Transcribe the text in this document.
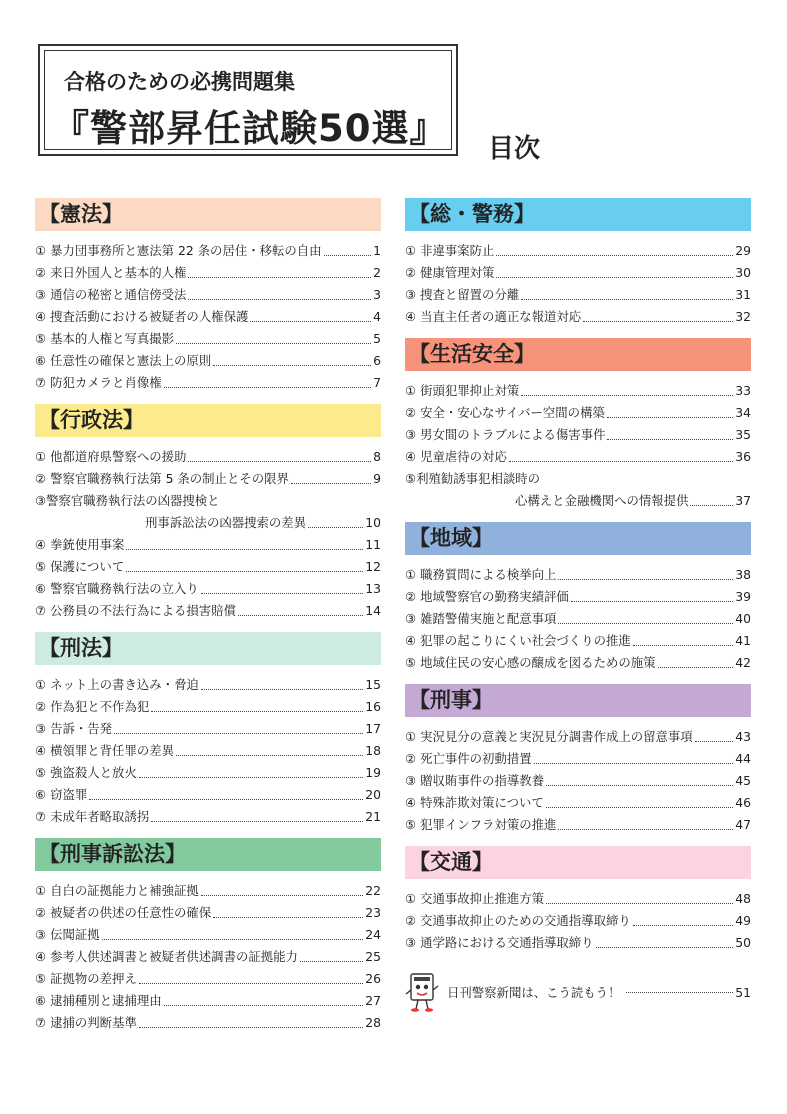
合格のための必携問題集
『警部昇任試験50選』 目次
【憲法】
① 暴力団事務所と憲法第 22 条の居住・移転の自由	1
② 来日外国人と基本的人権	2
③ 通信の秘密と通信傍受法	3
④ 捜査活動における被疑者の人権保護	4
⑤ 基本的人権と写真撮影	5
⑥ 任意性の確保と憲法上の原則	6
⑦ 防犯カメラと肖像権	7
【行政法】
① 他都道府県警察への援助	8
② 警察官職務執行法第 5 条の制止とその限界	9
③警察官職務執行法の凶器捜検と
刑事訴訟法の凶器捜索の差異	10
④ 拳銃使用事案	11
⑤ 保護について	12
⑥ 警察官職務執行法の立入り	13
⑦ 公務員の不法行為による損害賠償	14
【刑法】
① ネット上の書き込み・脅迫	15
② 作為犯と不作為犯	16
③ 告訴・告発	17
④ 横領罪と背任罪の差異	18
⑤ 強盗殺人と放火	19
⑥ 窃盗罪	20
⑦ 未成年者略取誘拐	21
【刑事訴訟法】
① 自白の証拠能力と補強証拠	22
② 被疑者の供述の任意性の確保	23
③ 伝聞証拠	24
④ 参考人供述調書と被疑者供述調書の証拠能力	25
⑤ 証拠物の差押え	26
⑥ 逮捕種別と逮捕理由	27
⑦ 逮捕の判断基準	28
【総・警務】
① 非違事案防止	29
② 健康管理対策	30
③ 捜査と留置の分離	31
④ 当直主任者の適正な報道対応	32
【生活安全】
① 街頭犯罪抑止対策	33
② 安全・安心なサイバー空間の構築	34
③ 男女間のトラブルによる傷害事件	35
④ 児童虐待の対応	36
⑤利殖勧誘事犯相談時の
心構えと金融機関への情報提供	37
【地域】
① 職務質問による検挙向上	38
② 地域警察官の勤務実績評価	39
③ 雑踏警備実施と配意事項	40
④ 犯罪の起こりにくい社会づくりの推進	41
⑤ 地域住民の安心感の醸成を図るための施策	42
【刑事】
① 実況見分の意義と実況見分調書作成上の留意事項	43
② 死亡事件の初動措置	44
③ 贈収賄事件の指導教養	45
④ 特殊詐欺対策について	46
⑤ 犯罪インフラ対策の推進	47
【交通】
① 交通事故抑止推進方策	48
② 交通事故抑止のための交通指導取締り	49
③ 通学路における交通指導取締り	50
日刊警察新聞は、こう読もう！	51
